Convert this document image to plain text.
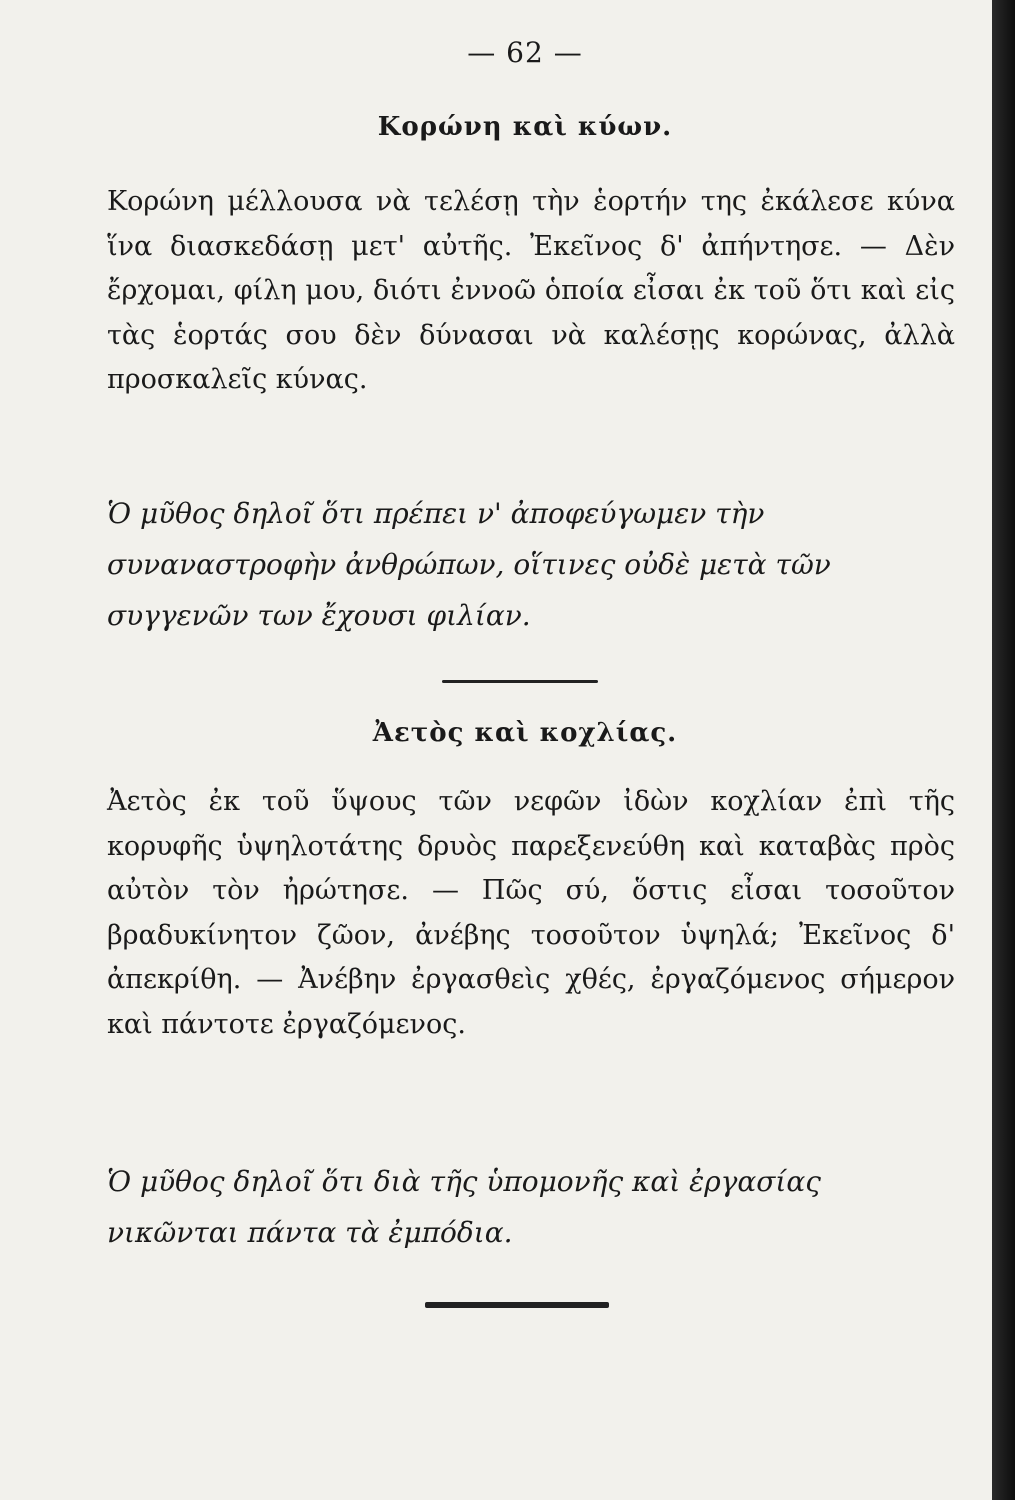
— 62 —
Κορώνη καὶ κύων.

Κορώνη μέλλουσα νὰ τελέσῃ τὴν ἑορτήν της ἐκάλεσε κύνα ἵνα διασκεδάσῃ μετ' αὐτῆς. Ἐκεῖνος δ' ἀπήντησε. — Δὲν ἔρχομαι, φίλη μου, διότι ἐννοῶ ὁποία εἶσαι ἐκ τοῦ ὅτι καὶ εἰς τὰς ἑορτάς σου δὲν δύνασαι νὰ καλέσῃς κορώνας, ἀλλὰ προσκαλεῖς κύνας.

Ὁ μῦθος δηλοῖ ὅτι πρέπει ν' ἀποφεύγωμεν τὴν συναναστροφὴν ἀνθρώπων, οἵτινες οὐδὲ μετὰ τῶν συγγενῶν των ἔχουσι φιλίαν.

Ἀετὸς καὶ κοχλίας.

Ἀετὸς ἐκ τοῦ ὕψους τῶν νεφῶν ἰδὼν κοχλίαν ἐπὶ τῆς κορυφῆς ὑψηλοτάτης δρυὸς παρεξενεύθη καὶ καταβὰς πρὸς αὐτὸν τὸν ἠρώτησε. — Πῶς σύ, ὅστις εἶσαι τοσοῦτον βραδυκίνητον ζῶον, ἀνέβης τοσοῦτον ὑψηλά; Ἐκεῖνος δ' ἀπεκρίθη. — Ἀνέβην ἐργασθεὶς χθές, ἐργαζόμενος σήμερον καὶ πάντοτε ἐργαζόμενος.

Ὁ μῦθος δηλοῖ ὅτι διὰ τῆς ὑπομονῆς καὶ ἐργασίας νικῶνται πάντα τὰ ἐμπόδια.
